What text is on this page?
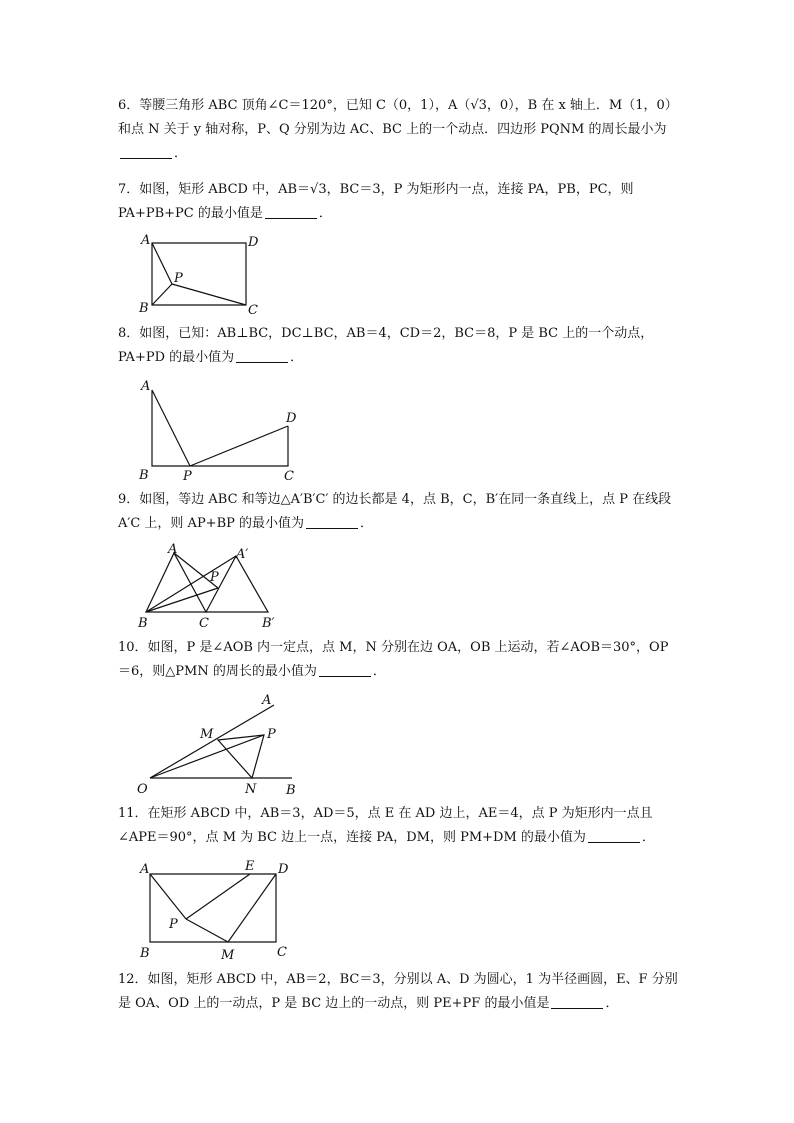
6．等腰三角形 ABC 顶角∠C＝120°，已知 C（0，1），A（√3，0），B 在 x 轴上．M（1，0）和点 N 关于 y 轴对称，P、Q 分别为边 AC、BC 上的一个动点．四边形 PQNM 的周长最小为．
7．如图，矩形 ABCD 中，AB＝√3，BC＝3，P 为矩形内一点，连接 PA，PB，PC，则 PA+PB+PC 的最小值是	．
A	D
B	C
P
8．如图，已知：AB⊥BC，DC⊥BC，AB＝4，CD＝2，BC＝8，P 是 BC 上的一个动点，PA+PD 的最小值为	．
A
D
B	P	C
9．如图，等边 ABC 和等边△A′B′C′ 的边长都是 4，点 B，C，B′在同一条直线上，点 P 在线段 A′C 上，则 AP+BP 的最小值为	．
A	A′
P
B	C	B′
10．如图，P 是∠AOB 内一定点，点 M，N 分别在边 OA，OB 上运动，若∠AOB＝30°，OP＝6，则△PMN 的周长的最小值为	．
A
M	P
O	N B
11．在矩形 ABCD 中，AB＝3，AD＝5，点 E 在 AD 边上，AE＝4，点 P 为矩形内一点且∠APE＝90°，点 M 为 BC 边上一点，连接 PA，DM，则 PM+DM 的最小值为	．
A	E D
P
B	M	C
12．如图，矩形 ABCD 中，AB＝2，BC＝3，分别以 A、D 为圆心，1 为半径画圆，E、F 分别是 OA、OD 上的一动点，P 是 BC 边上的一动点，则 PE+PF 的最小值是	．
